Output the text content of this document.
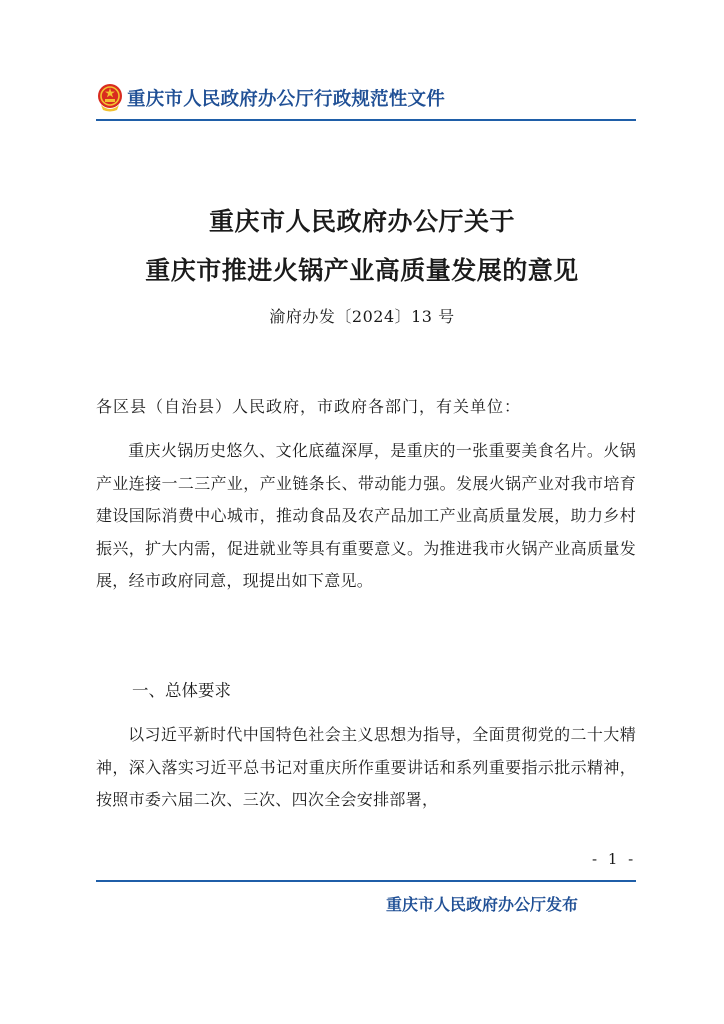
重庆市人民政府办公厅行政规范性文件
重庆市人民政府办公厅关于
重庆市推进火锅产业高质量发展的意见
渝府办发〔2024〕13 号
各区县（自治县）人民政府，市政府各部门，有关单位：

重庆火锅历史悠久、文化底蕴深厚，是重庆的一张重要美食名片。火锅产业连接一二三产业，产业链条长、带动能力强。发展火锅产业对我市培育建设国际消费中心城市，推动食品及农产品加工产业高质量发展，助力乡村振兴，扩大内需，促进就业等具有重要意义。为推进我市火锅产业高质量发展，经市政府同意，现提出如下意见。

一、总体要求

以习近平新时代中国特色社会主义思想为指导，全面贯彻党的二十大精神，深入落实习近平总书记对重庆所作重要讲话和系列重要指示批示精神，按照市委六届二次、三次、四次全会安排部署，

- 1 -
重庆市人民政府办公厅发布
